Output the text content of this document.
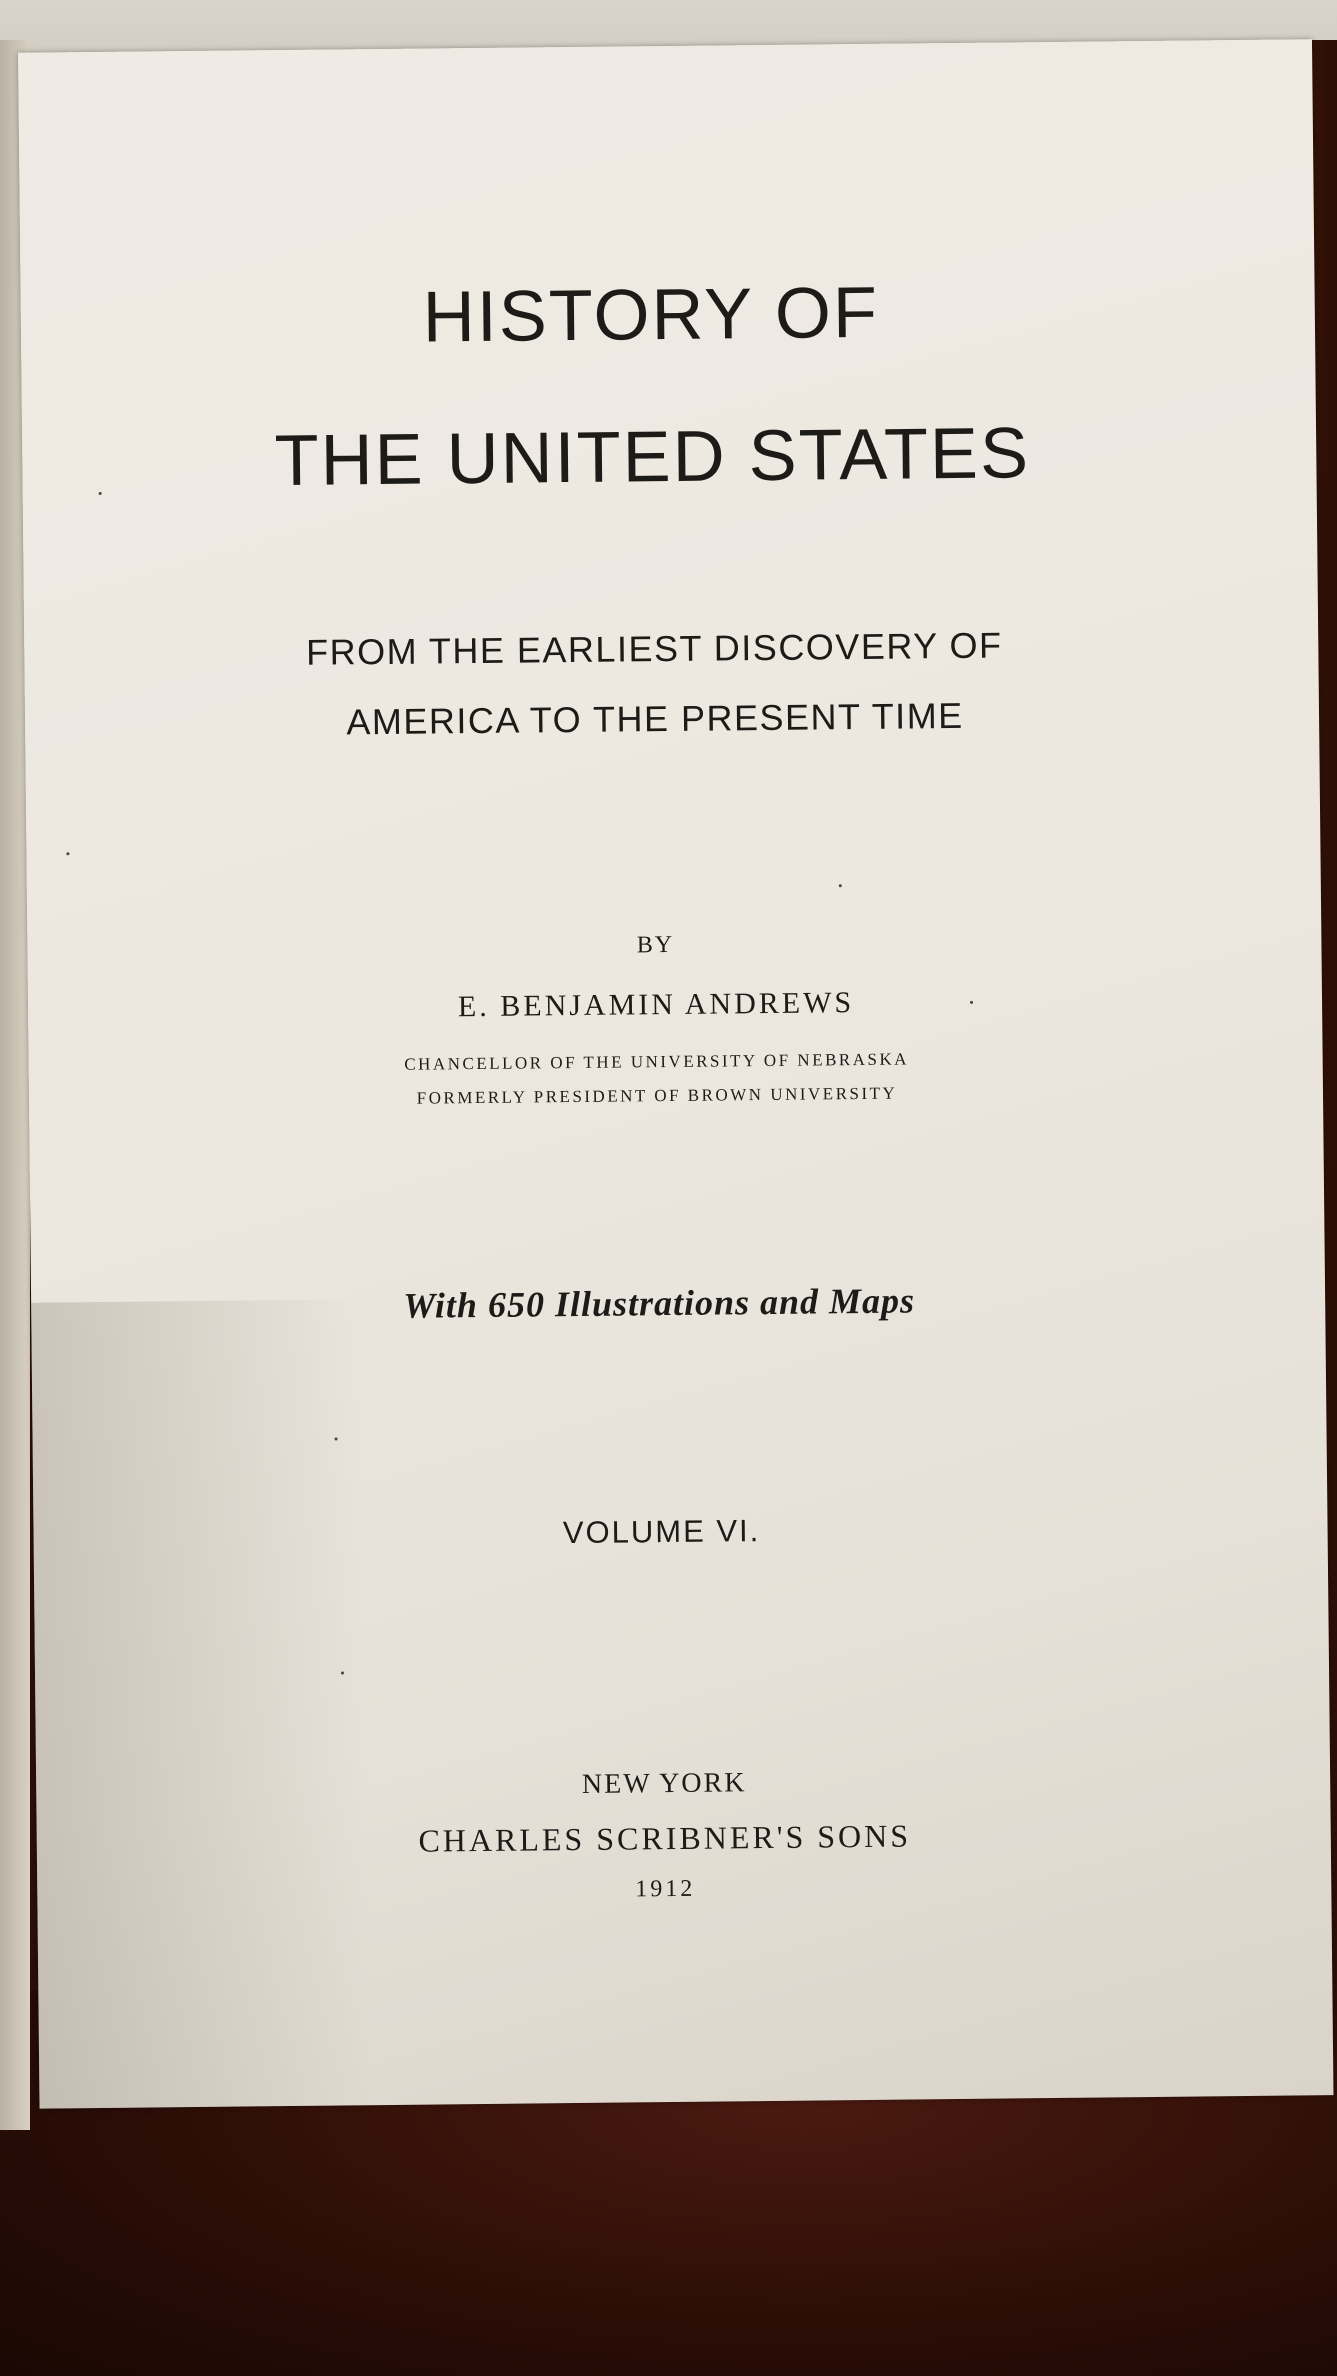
HISTORY OF
THE UNITED STATES
FROM THE EARLIEST DISCOVERY OF
AMERICA TO THE PRESENT TIME
BY
E. BENJAMIN ANDREWS
CHANCELLOR OF THE UNIVERSITY OF NEBRASKA
FORMERLY PRESIDENT OF BROWN UNIVERSITY
With 650 Illustrations and Maps
VOLUME VI.
NEW YORK
CHARLES SCRIBNER'S SONS
1912
